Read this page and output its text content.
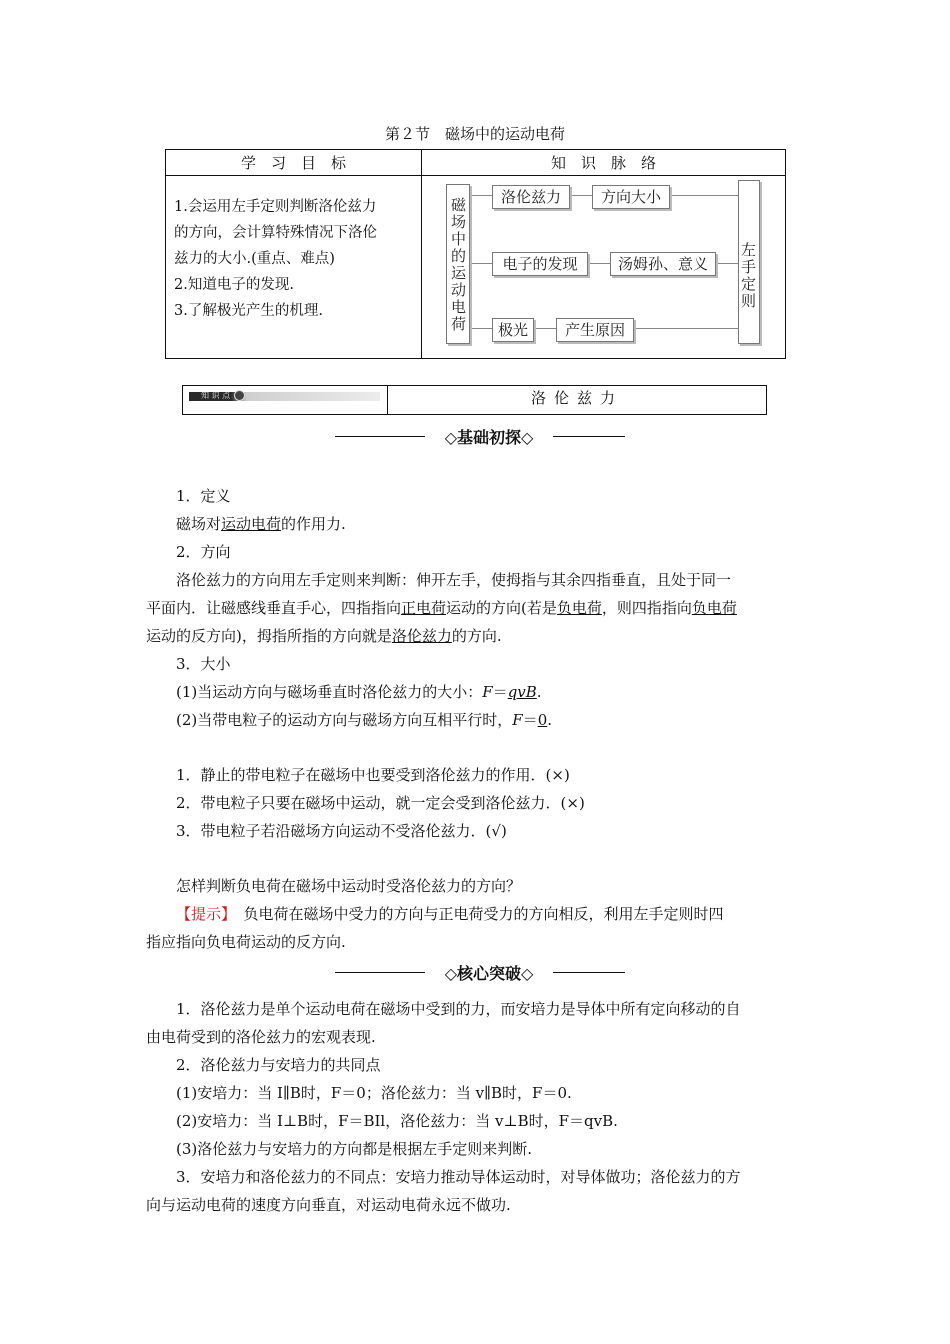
第２节　磁场中的运动电荷
学　习　目　标	知　识　脉　络
1.会运用左手定则判断洛伦兹力
的方向，会计算特殊情况下洛伦
兹力的大小.(重点、难点)
2.知道电子的发现.
3.了解极光产生的机理.	磁场中的运动电荷	洛伦兹力	方向大小
电子的发现	汤姆孙、意义
极光	产生原因
左手定则
知 识 点	洛伦兹力
◇基础初探◇
1．定义
磁场对运动电荷的作用力.
2．方向
洛伦兹力的方向用左手定则来判断：伸开左手，使拇指与其余四指垂直，且处于同一
平面内．让磁感线垂直手心，四指指向正电荷运动的方向(若是负电荷，则四指指向负电荷
运动的反方向)，拇指所指的方向就是洛伦兹力的方向.
3．大小
(1)当运动方向与磁场垂直时洛伦兹力的大小：F＝qvB.
(2)当带电粒子的运动方向与磁场方向互相平行时，F＝0.
1．静止的带电粒子在磁场中也要受到洛伦兹力的作用．(×)
2．带电粒子只要在磁场中运动，就一定会受到洛伦兹力．(×)
3．带电粒子若沿磁场方向运动不受洛伦兹力．(√)
怎样判断负电荷在磁场中运动时受洛伦兹力的方向？
【提示】　负电荷在磁场中受力的方向与正电荷受力的方向相反，利用左手定则时四
指应指向负电荷运动的反方向.
◇核心突破◇
1．洛伦兹力是单个运动电荷在磁场中受到的力，而安培力是导体中所有定向移动的自
由电荷受到的洛伦兹力的宏观表现.
2．洛伦兹力与安培力的共同点
(1)安培力：当 I∥B时，F＝0；洛伦兹力：当 v∥B时，F＝0.
(2)安培力：当 I⊥B时，F＝BIl，洛伦兹力：当 v⊥B时，F＝qvB.
(3)洛伦兹力与安培力的方向都是根据左手定则来判断.
3．安培力和洛伦兹力的不同点：安培力推动导体运动时，对导体做功；洛伦兹力的方
向与运动电荷的速度方向垂直，对运动电荷永远不做功.
